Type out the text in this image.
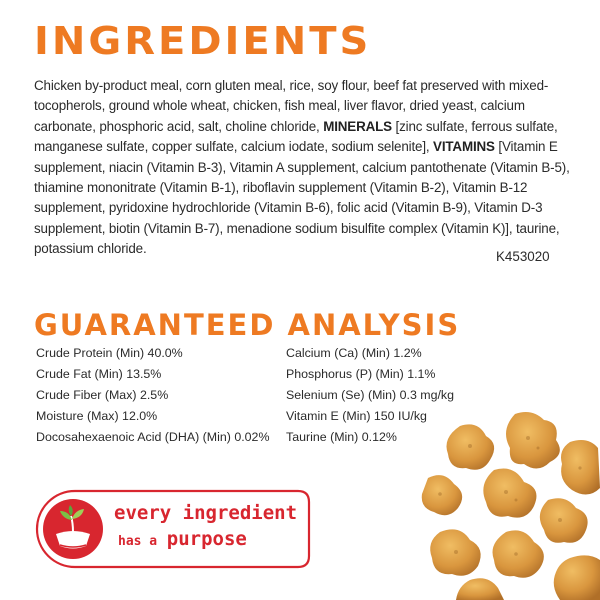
INGREDIENTS

Chicken by-product meal, corn gluten meal, rice, soy flour, beef fat preserved with mixed-tocopherols, ground whole wheat, chicken, fish meal, liver flavor, dried yeast, calcium carbonate, phosphoric acid, salt, choline chloride, MINERALS [zinc sulfate, ferrous sulfate, manganese sulfate, copper sulfate, calcium iodate, sodium selenite], VITAMINS [Vitamin E supplement, niacin (Vitamin B-3), Vitamin A supplement, calcium pantothenate (Vitamin B-5), thiamine mononitrate (Vitamin B-1), riboflavin supplement (Vitamin B-2), Vitamin B-12 supplement, pyridoxine hydrochloride (Vitamin B-6), folic acid (Vitamin B-9), Vitamin D-3 supplement, biotin (Vitamin B-7), menadione sodium bisulfite complex (Vitamin K)], taurine, potassium chloride.

K453020
GUARANTEED ANALYSIS
Crude Protein (Min) 40.0%
Crude Fat (Min) 13.5%
Crude Fiber (Max) 2.5%
Moisture (Max) 12.0%
Docosahexaenoic Acid (DHA) (Min) 0.02%
Calcium (Ca) (Min) 1.2%
Phosphorus (P) (Min) 1.1%
Selenium (Se) (Min) 0.3 mg/kg
Vitamin E (Min) 150 IU/kg
Taurine (Min) 0.12%
every ingredient
has a purpose
